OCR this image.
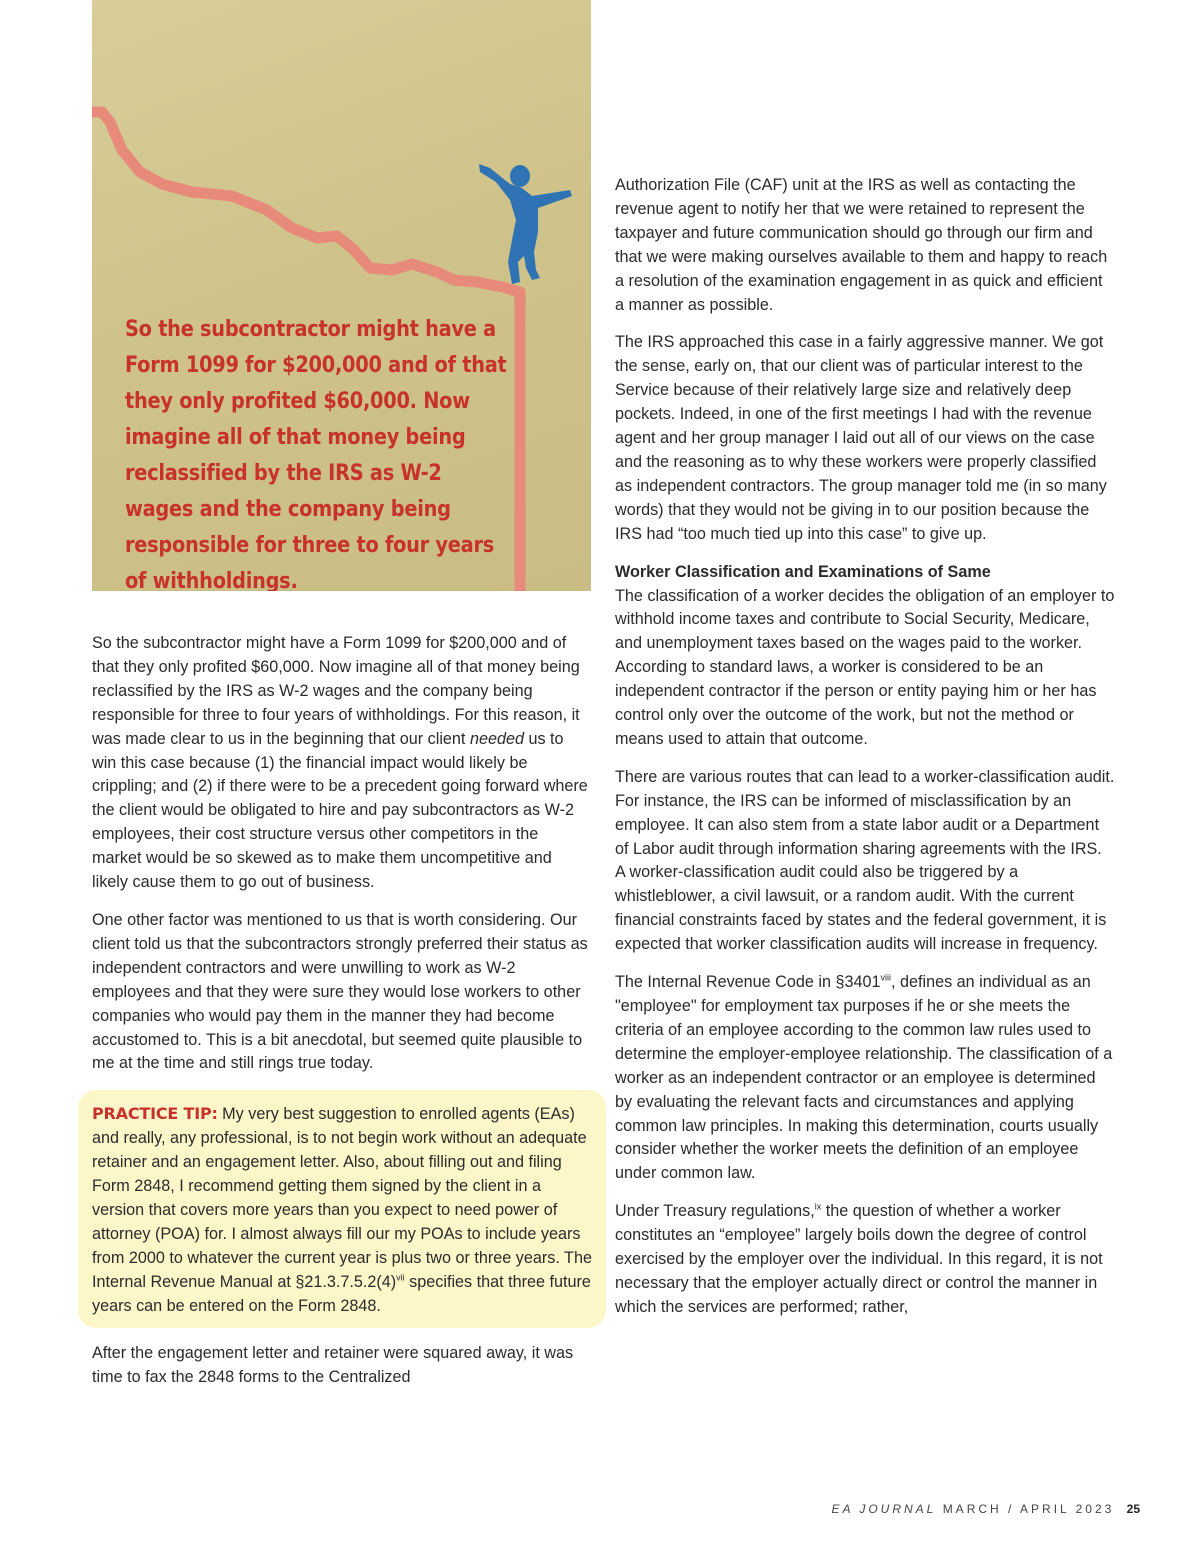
So the subcontractor might have a Form 1099 for $200,000 and of that they only profited $60,000. Now imagine all of that money being reclassified by the IRS as W-2 wages and the company being responsible for three to four years of withholdings.

So the subcontractor might have a Form 1099 for $200,000 and of that they only profited $60,000. Now imagine all of that money being reclassified by the IRS as W-2 wages and the company being responsible for three to four years of withholdings. For this reason, it was made clear to us in the beginning that our client needed us to win this case because (1) the financial impact would likely be crippling; and (2) if there were to be a precedent going forward where the client would be obligated to hire and pay subcontractors as W-2 employees, their cost structure versus other competitors in the market would be so skewed as to make them uncompetitive and likely cause them to go out of business.

One other factor was mentioned to us that is worth considering. Our client told us that the subcontractors strongly preferred their status as independent contractors and were unwilling to work as W-2 employees and that they were sure they would lose workers to other companies who would pay them in the manner they had become accustomed to. This is a bit anecdotal, but seemed quite plausible to me at the time and still rings true today.

PRACTICE TIP: My very best suggestion to enrolled agents (EAs) and really, any professional, is to not begin work without an adequate retainer and an engagement letter. Also, about filling out and filing Form 2848, I recommend getting them signed by the client in a version that covers more years than you expect to need power of attorney (POA) for. I almost always fill our my POAs to include years from 2000 to whatever the current year is plus two or three years. The Internal Revenue Manual at $\S 21.3.7.5.2(4)^{vii}$ specifies that three future years can be entered on the Form 2848.

After the engagement letter and retainer were squared away, it was time to fax the 2848 forms to the Centralized

Authorization File (CAF) unit at the IRS as well as contacting the revenue agent to notify her that we were retained to represent the taxpayer and future communication should go through our firm and that we were making ourselves available to them and happy to reach a resolution of the examination engagement in as quick and efficient a manner as possible.

The IRS approached this case in a fairly aggressive manner. We got the sense, early on, that our client was of particular interest to the Service because of their relatively large size and relatively deep pockets. Indeed, in one of the first meetings I had with the revenue agent and her group manager I laid out all of our views on the case and the reasoning as to why these workers were properly classified as independent contractors. The group manager told me (in so many words) that they would not be giving in to our position because the IRS had “too much tied up into this case” to give up.

Worker Classification and Examinations of Same
The classification of a worker decides the obligation of an employer to withhold income taxes and contribute to Social Security, Medicare, and unemployment taxes based on the wages paid to the worker. According to standard laws, a worker is considered to be an independent contractor if the person or entity paying him or her has control only over the outcome of the work, but not the method or means used to attain that outcome.

There are various routes that can lead to a worker-classification audit. For instance, the IRS can be informed of misclassification by an employee. It can also stem from a state labor audit or a Department of Labor audit through information sharing agreements with the IRS. A worker-classification audit could also be triggered by a whistleblower, a civil lawsuit, or a random audit. With the current financial constraints faced by states and the federal government, it is expected that worker classification audits will increase in frequency.

The Internal Revenue Code in §3401$^{viii}$, defines an individual as an "employee" for employment tax purposes if he or she meets the criteria of an employee according to the common law rules used to determine the employer-employee relationship. The classification of a worker as an independent contractor or an employee is determined by evaluating the relevant facts and circumstances and applying common law principles. In making this determination, courts usually consider whether the worker meets the definition of an employee under common law.

Under Treasury regulations,$^{ix}$ the question of whether a worker constitutes an “employee” largely boils down the degree of control exercised by the employer over the individual. In this regard, it is not necessary that the employer actually direct or control the manner in which the services are performed; rather,

EA JOURNAL MARCH / APRIL 2023 25
